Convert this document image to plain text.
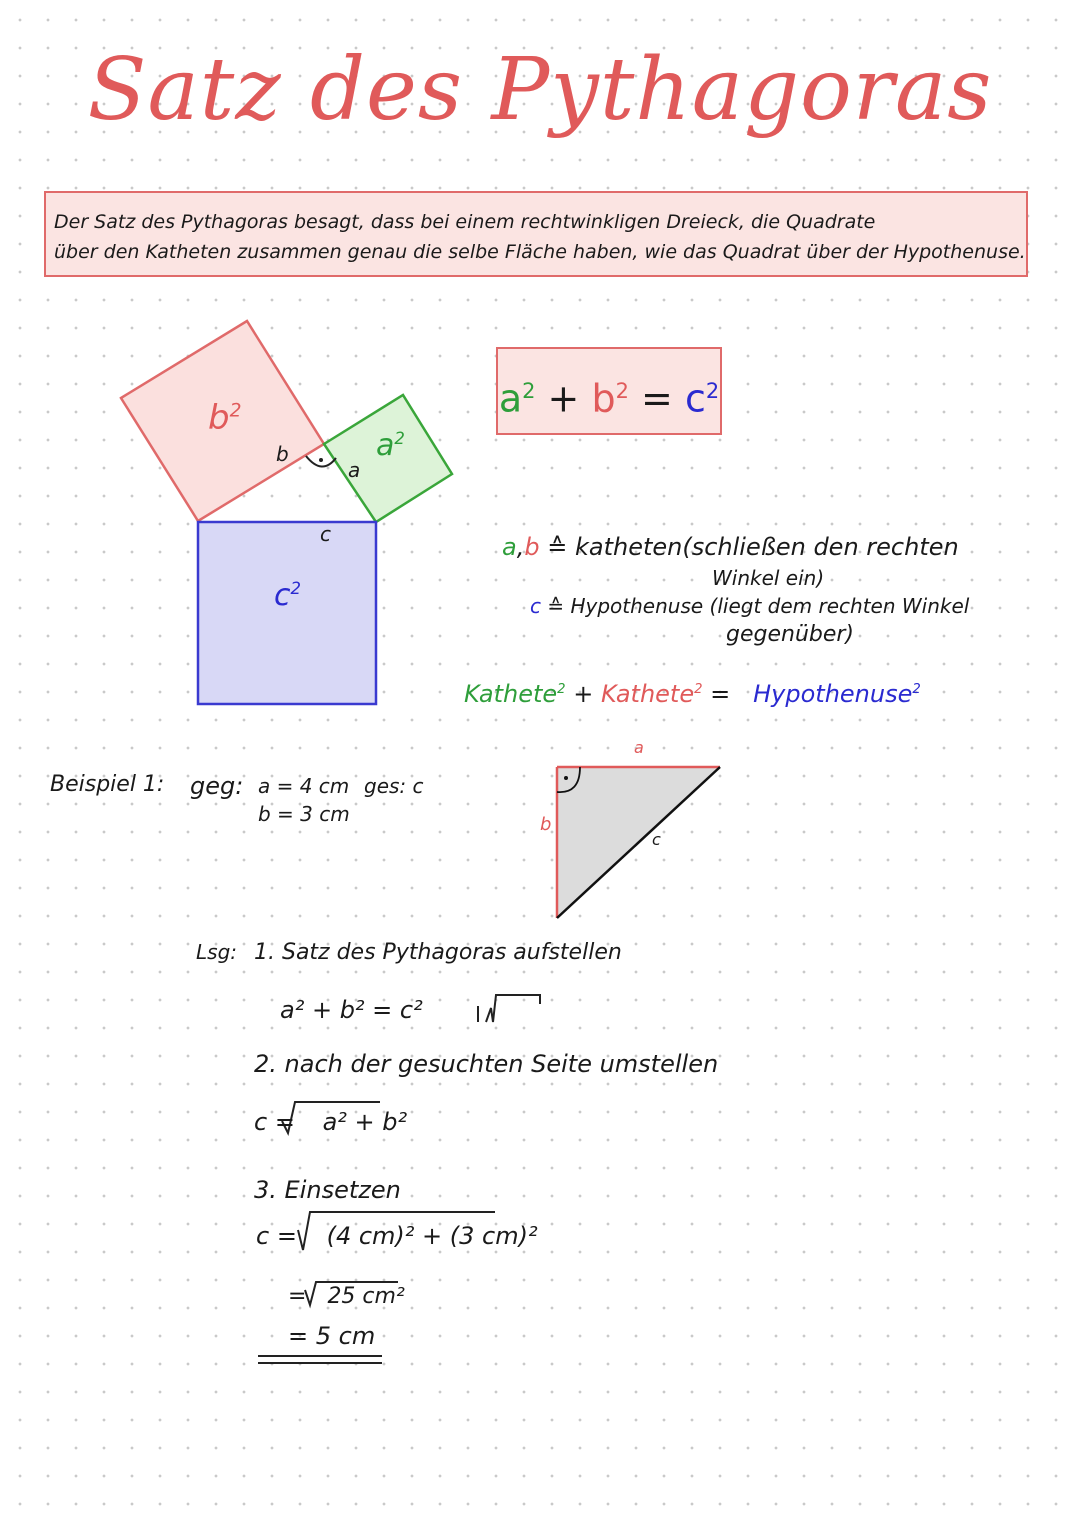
Satz des Pythagoras
Der Satz des Pythagoras besagt, dass bei einem rechtwinkligen Dreieck, die Quadrate
über den Katheten zusammen genau die selbe Fläche haben, wie das Quadrat über der Hypothenuse.
$b^2$
$a^2$
$c^2$
b
a
c
$a^2 + b^2 = c^2$
a,b ≙ katheten(schließen den rechten
Winkel ein)
c ≙ Hypothenuse (liegt dem rechten Winkel
gegenüber)
Kathete$^2$ + Kathete$^2$ = Hypothenuse$^2$
Beispiel 1: geg: a = 4 cm
b = 3 cm
ges: c
a
b
c
Lsg: 1. Satz des Pythagoras aufstellen
a² + b² = c²
2. nach der gesuchten Seite umstellen
c = a² + b²
3. Einsetzen
c = (4 cm)² + (3 cm)²
= 25 cm²
= 5 cm
